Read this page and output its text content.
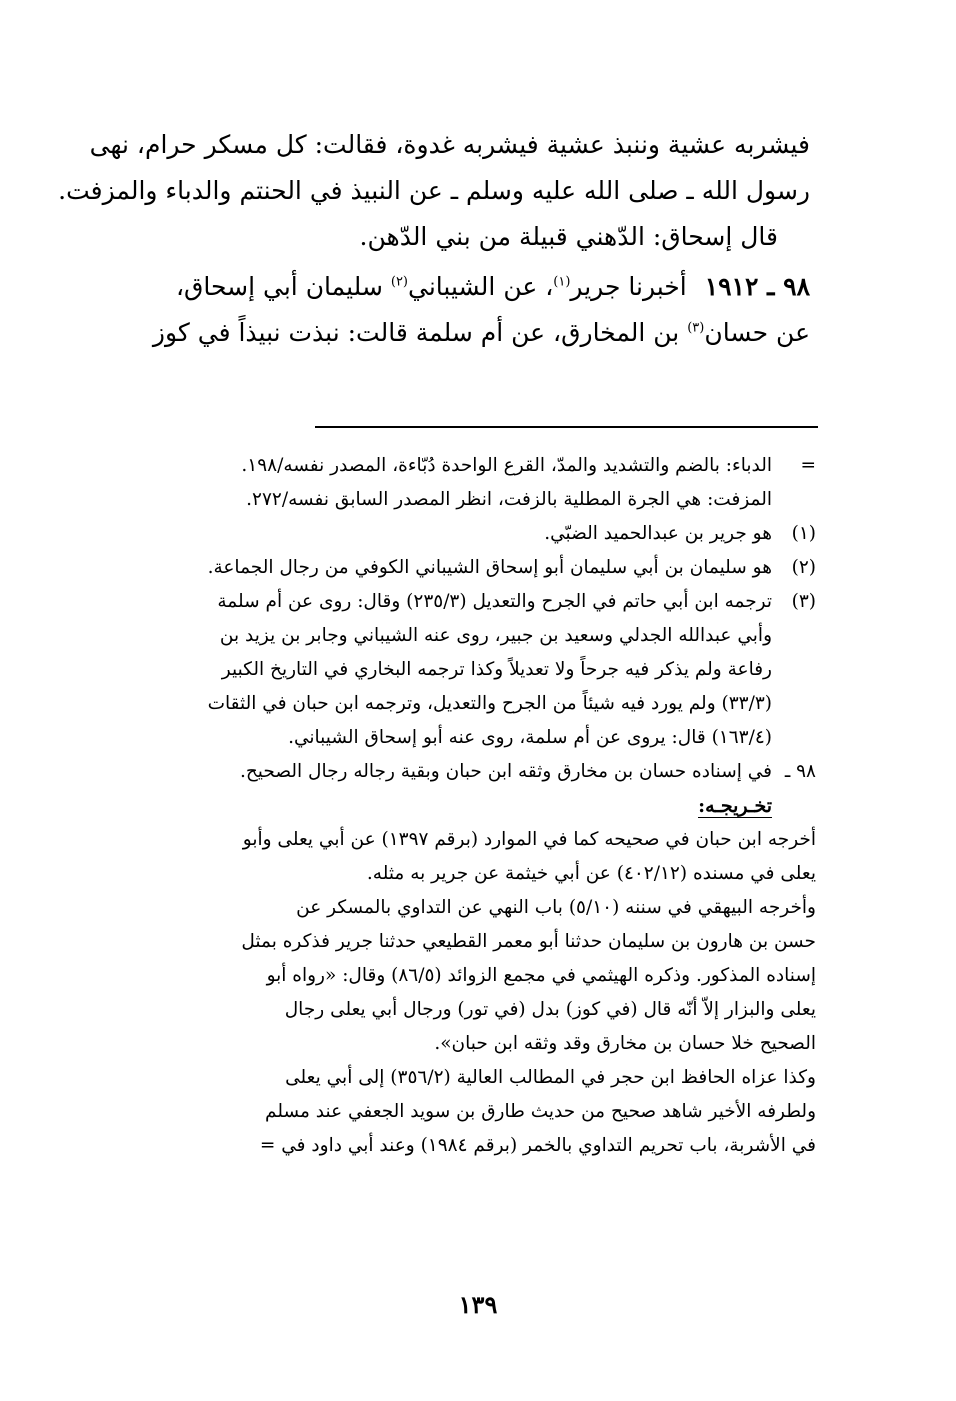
فيشربه عشية وننبذ عشية فيشربه غدوة، فقالت: كل مسكر حرام، نهى

رسول الله ـ صلى الله عليه وسلم ـ عن النبيذ في الحنتم والدباء والمزفت.

قال إسحاق: الدّهني قبيلة من بني الدّهن.

٩٨ ـ ١٩١٢أخبرنا جرير$^{(١)}$، عن الشيباني$^{(٢)}$ سليمان أبي إسحاق،

عن حسان$^{(٣)}$ بن المخارق، عن أم سلمة قالت: نبذت نبيذاً في كوز

=
الدباء: بالضم والتشديد والمدّ، القرع الواحدة دُبّاءة، المصدر نفسه/١٩٨.
المزفت: هي الجرة المطلية بالزفت، انظر المصدر السابق نفسه/٢٧٢.
(١)
هو جرير بن عبدالحميد الضبّي.
(٢)
هو سليمان بن أبي سليمان أبو إسحاق الشيباني الكوفي من رجال الجماعة.
(٣)
ترجمه ابن أبي حاتم في الجرح والتعديل (٢٣٥/٣) وقال: روى عن أم سلمة
وأبي عبدالله الجدلي وسعيد بن جبير، روى عنه الشيباني وجابر بن يزيد بن
رفاعة ولم يذكر فيه جرحاً ولا تعديلاً وكذا ترجمه البخاري في التاريخ الكبير
(٣٣/٣) ولم يورد فيه شيئاً من الجرح والتعديل، وترجمه ابن حبان في الثقات
(١٦٣/٤) قال: يروى عن أم سلمة، روى عنه أبو إسحاق الشيباني.
٩٨ ـ
في إسناده حسان بن مخارق وثقه ابن حبان وبقية رجاله رجال الصحيح.
تخـريجـه:
أخرجه ابن حبان في صحيحه كما في الموارد (برقم ١٣٩٧) عن أبي يعلى وأبو
يعلى في مسنده (٤٠٢/١٢) عن أبي خيثمة عن جرير به مثله.
وأخرجه البيهقي في سننه (٥/١٠) باب النهي عن التداوي بالمسكر عن
حسن بن هارون بن سليمان حدثنا أبو معمر القطيعي حدثنا جرير فذكره بمثل
إسناده المذكور. وذكره الهيثمي في مجمع الزوائد (٨٦/٥) وقال: «رواه أبو
يعلى والبزار إلاّ أنّه قال (في كوز) بدل (في تور) ورجال أبي يعلى رجال
الصحيح خلا حسان بن مخارق وقد وثقه ابن حبان».
وكذا عزاه الحافظ ابن حجر في المطالب العالية (٣٥٦/٢) إلى أبي يعلى
ولطرفه الأخير شاهد صحيح من حديث طارق بن سويد الجعفي عند مسلم
في الأشربة، باب تحريم التداوي بالخمر (برقم ١٩٨٤) وعند أبي داود في =
١٣٩
